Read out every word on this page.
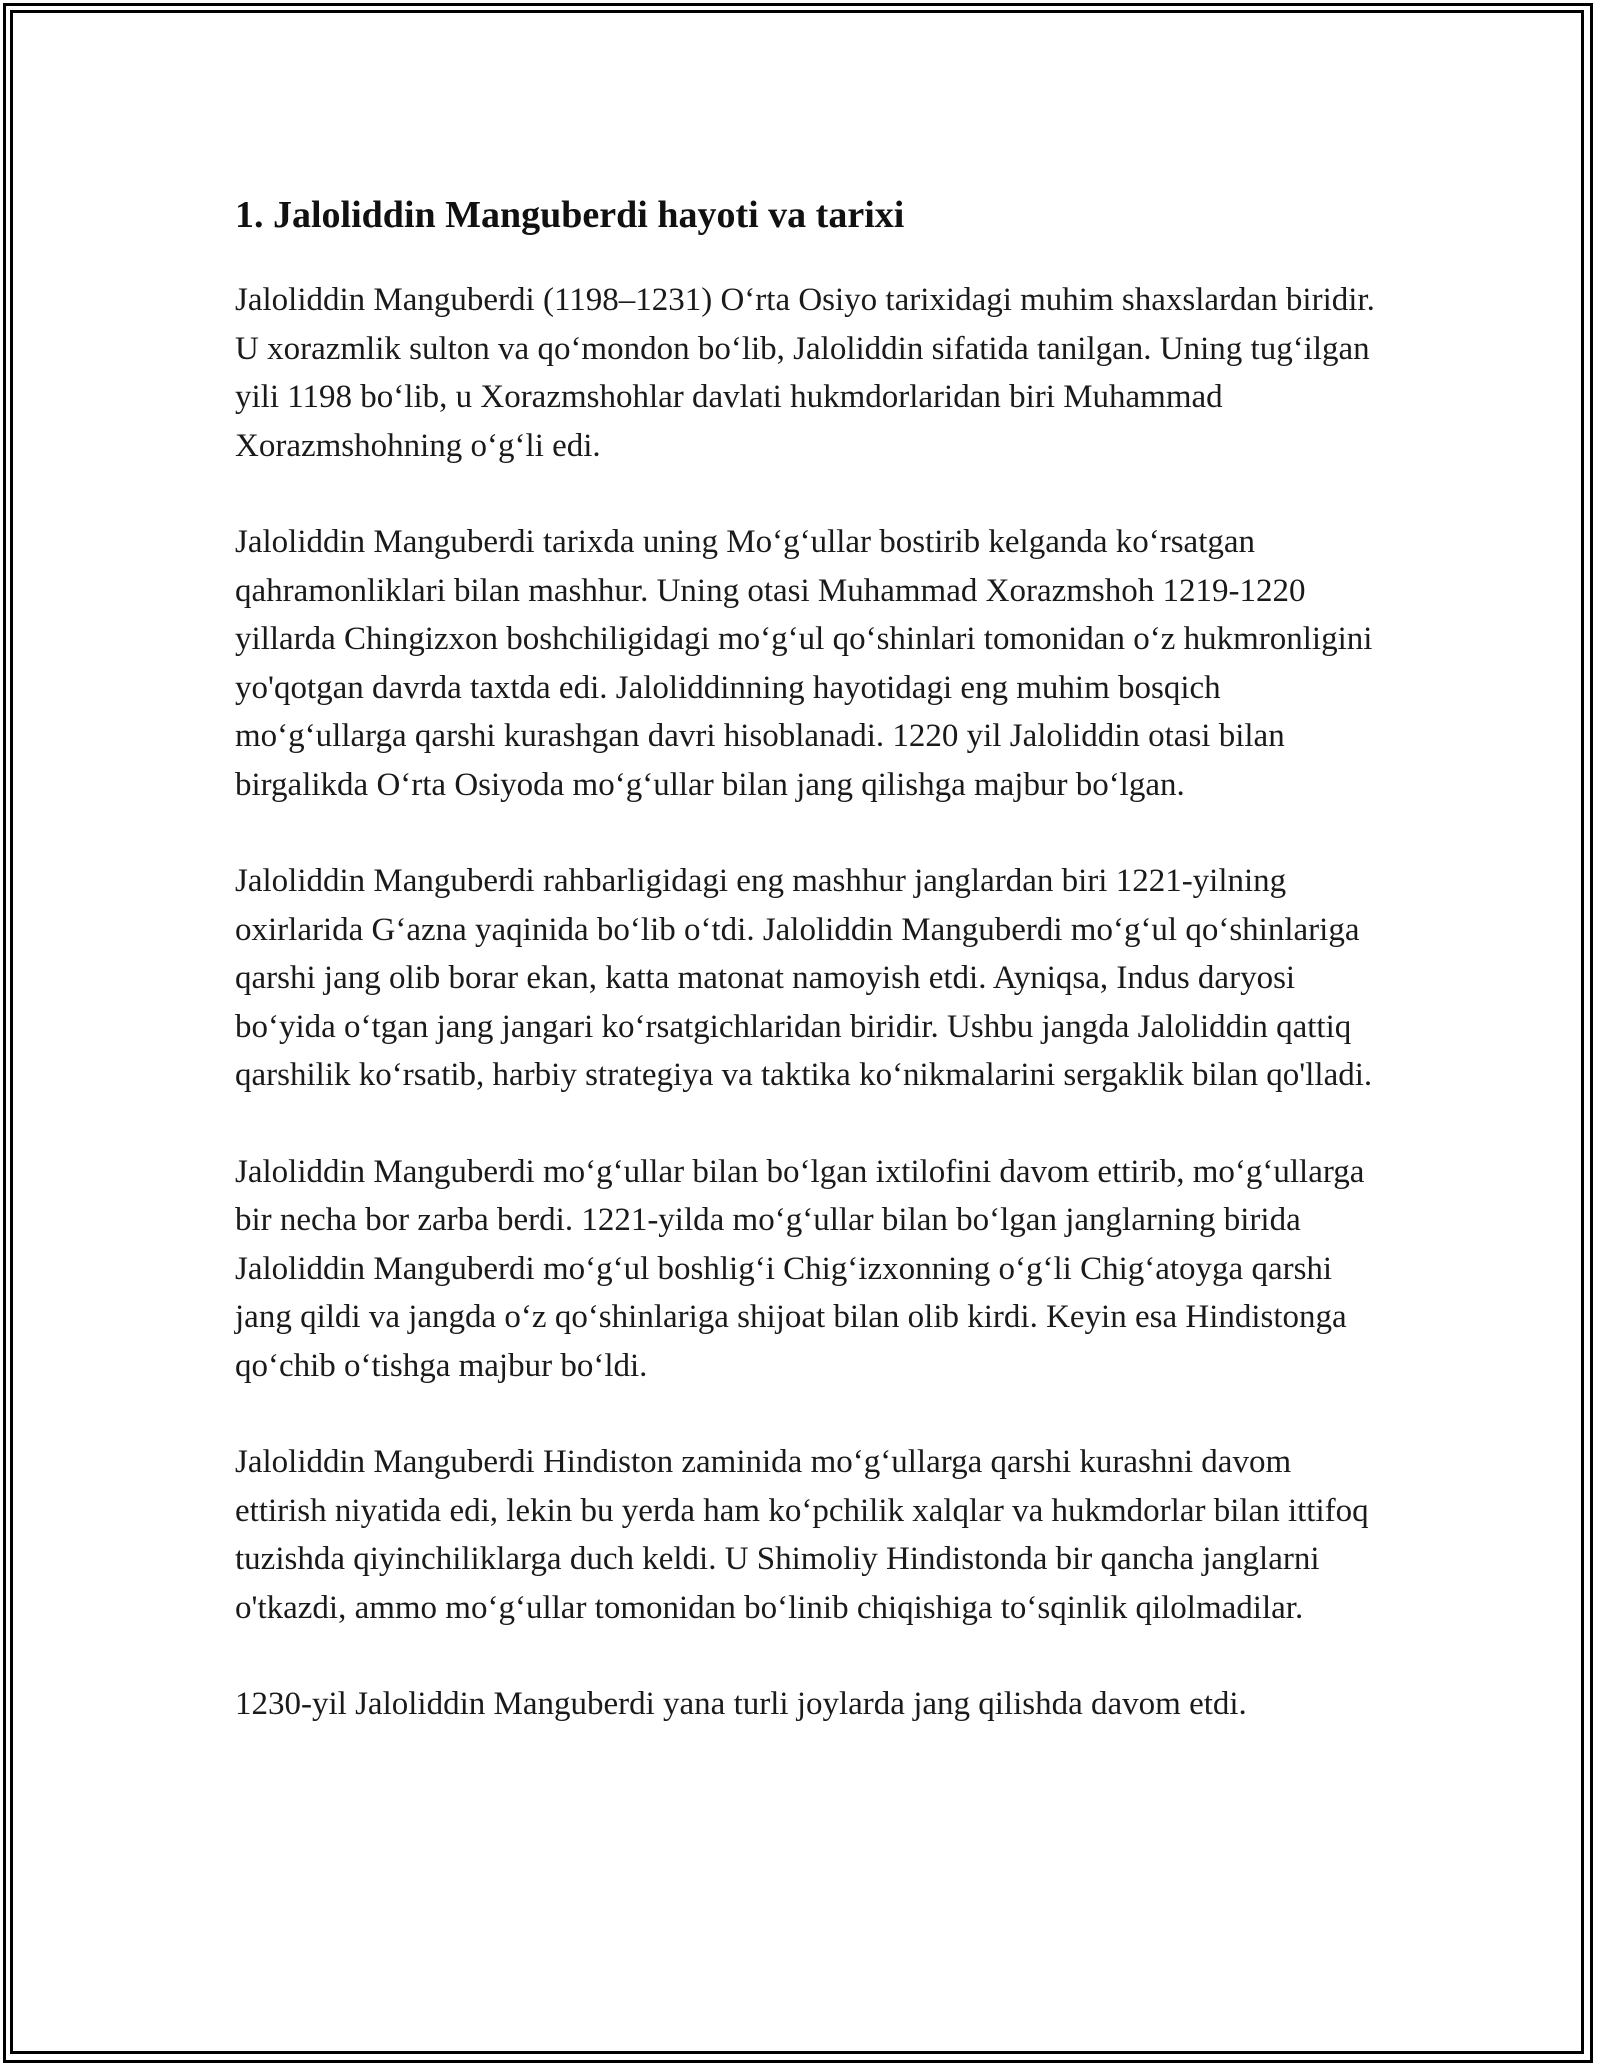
1. Jaloliddin Manguberdi hayoti va tarixi

Jaloliddin Manguberdi (1198–1231) O‘rta Osiyo tarixidagi muhim shaxslardan biridir. U xorazmlik sulton va qo‘mondon bo‘lib, Jaloliddin sifatida tanilgan. Uning tug‘ilgan yili 1198 bo‘lib, u Xorazmshohlar davlati hukmdorlaridan biri Muhammad Xorazmshohning o‘g‘li edi.

Jaloliddin Manguberdi tarixda uning Mo‘g‘ullar bostirib kelganda ko‘rsatgan qahramonliklari bilan mashhur. Uning otasi Muhammad Xorazmshoh 1219-1220 yillarda Chingizxon boshchiligidagi mo‘g‘ul qo‘shinlari tomonidan o‘z hukmronligini yo'qotgan davrda taxtda edi. Jaloliddinning hayotidagi eng muhim bosqich mo‘g‘ullarga qarshi kurashgan davri hisoblanadi. 1220 yil Jaloliddin otasi bilan birgalikda O‘rta Osiyoda mo‘g‘ullar bilan jang qilishga majbur bo‘lgan.

Jaloliddin Manguberdi rahbarligidagi eng mashhur janglardan biri 1221-yilning oxirlarida G‘azna yaqinida bo‘lib o‘tdi. Jaloliddin Manguberdi mo‘g‘ul qo‘shinlariga qarshi jang olib borar ekan, katta matonat namoyish etdi. Ayniqsa, Indus daryosi bo‘yida o‘tgan jang jangari ko‘rsatgichlaridan biridir. Ushbu jangda Jaloliddin qattiq qarshilik ko‘rsatib, harbiy strategiya va taktika ko‘nikmalarini sergaklik bilan qo'lladi.

Jaloliddin Manguberdi mo‘g‘ullar bilan bo‘lgan ixtilofini davom ettirib, mo‘g‘ullarga bir necha bor zarba berdi. 1221-yilda mo‘g‘ullar bilan bo‘lgan janglarning birida Jaloliddin Manguberdi mo‘g‘ul boshlig‘i Chig‘izxonning o‘g‘li Chig‘atoyga qarshi jang qildi va jangda o‘z qo‘shinlariga shijoat bilan olib kirdi. Keyin esa Hindistonga qo‘chib o‘tishga majbur bo‘ldi.

Jaloliddin Manguberdi Hindiston zaminida mo‘g‘ullarga qarshi kurashni davom ettirish niyatida edi, lekin bu yerda ham ko‘pchilik xalqlar va hukmdorlar bilan ittifoq tuzishda qiyinchiliklarga duch keldi. U Shimoliy Hindistonda bir qancha janglarni o'tkazdi, ammo mo‘g‘ullar tomonidan bo‘linib chiqishiga to‘sqinlik qilolmadilar.

1230-yil Jaloliddin Manguberdi yana turli joylarda jang qilishda davom etdi.
